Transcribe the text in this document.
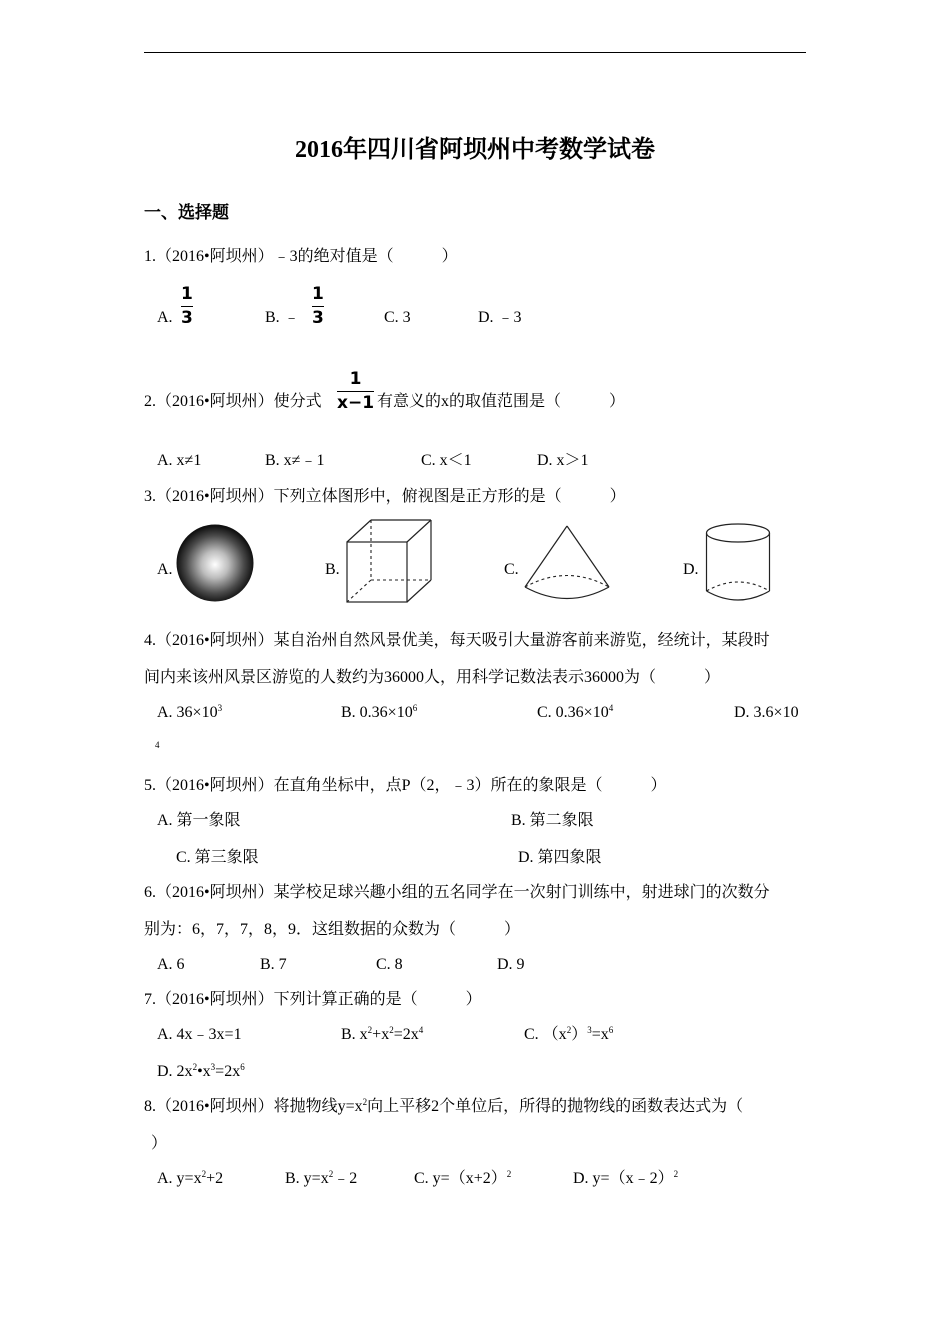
2016年四川省阿坝州中考数学试卷
一、选择题
1.（2016•阿坝州）﹣3的绝对值是（　　　）
A. $\frac{1}{3}$	B. ﹣ $\frac{1}{3}$	C. 3	D. ﹣3
2.（2016•阿坝州）使分式 $\frac{1}{x-1}$ 有意义的x的取值范围是（　　　）
A. x≠1	B. x≠﹣1	C. x＜1	D. x＞1
3.（2016•阿坝州）下列立体图形中，俯视图是正方形的是（　　　）
A.	B.	C.	D.
4.（2016•阿坝州）某自治州自然风景优美，每天吸引大量游客前来游览，经统计，某段时
间内来该州风景区游览的人数约为36000人，用科学记数法表示36000为（　　　）
A. $36\times 10^3$	B. $0.36\times 10^6$	C. $0.36\times 10^4$	D. 3.6×10
4
5.（2016•阿坝州）在直角坐标中，点P（2，﹣3）所在的象限是（　　　）
A. 第一象限	B. 第二象限
C. 第三象限	D. 第四象限
6.（2016•阿坝州）某学校足球兴趣小组的五名同学在一次射门训练中，射进球门的次数分
别为：6，7，7，8，9．这组数据的众数为（　　　）
A. 6	B. 7	C. 8	D. 9
7.（2016•阿坝州）下列计算正确的是（　　　）
A. 4x﹣3x=1	B. $x^2+x^2=2x^4$	C. $(x^2)^3=x^6$
D. $2x^2•x^3=2x^6$
8.（2016•阿坝州）将抛物线$y=x^2$向上平移2个单位后，所得的抛物线的函数表达式为（
）
A. $y=x^2+2$	B. $y=x^2﹣2$	C. $y=(x+2)^2$	D. y=（x﹣2）$^2$
